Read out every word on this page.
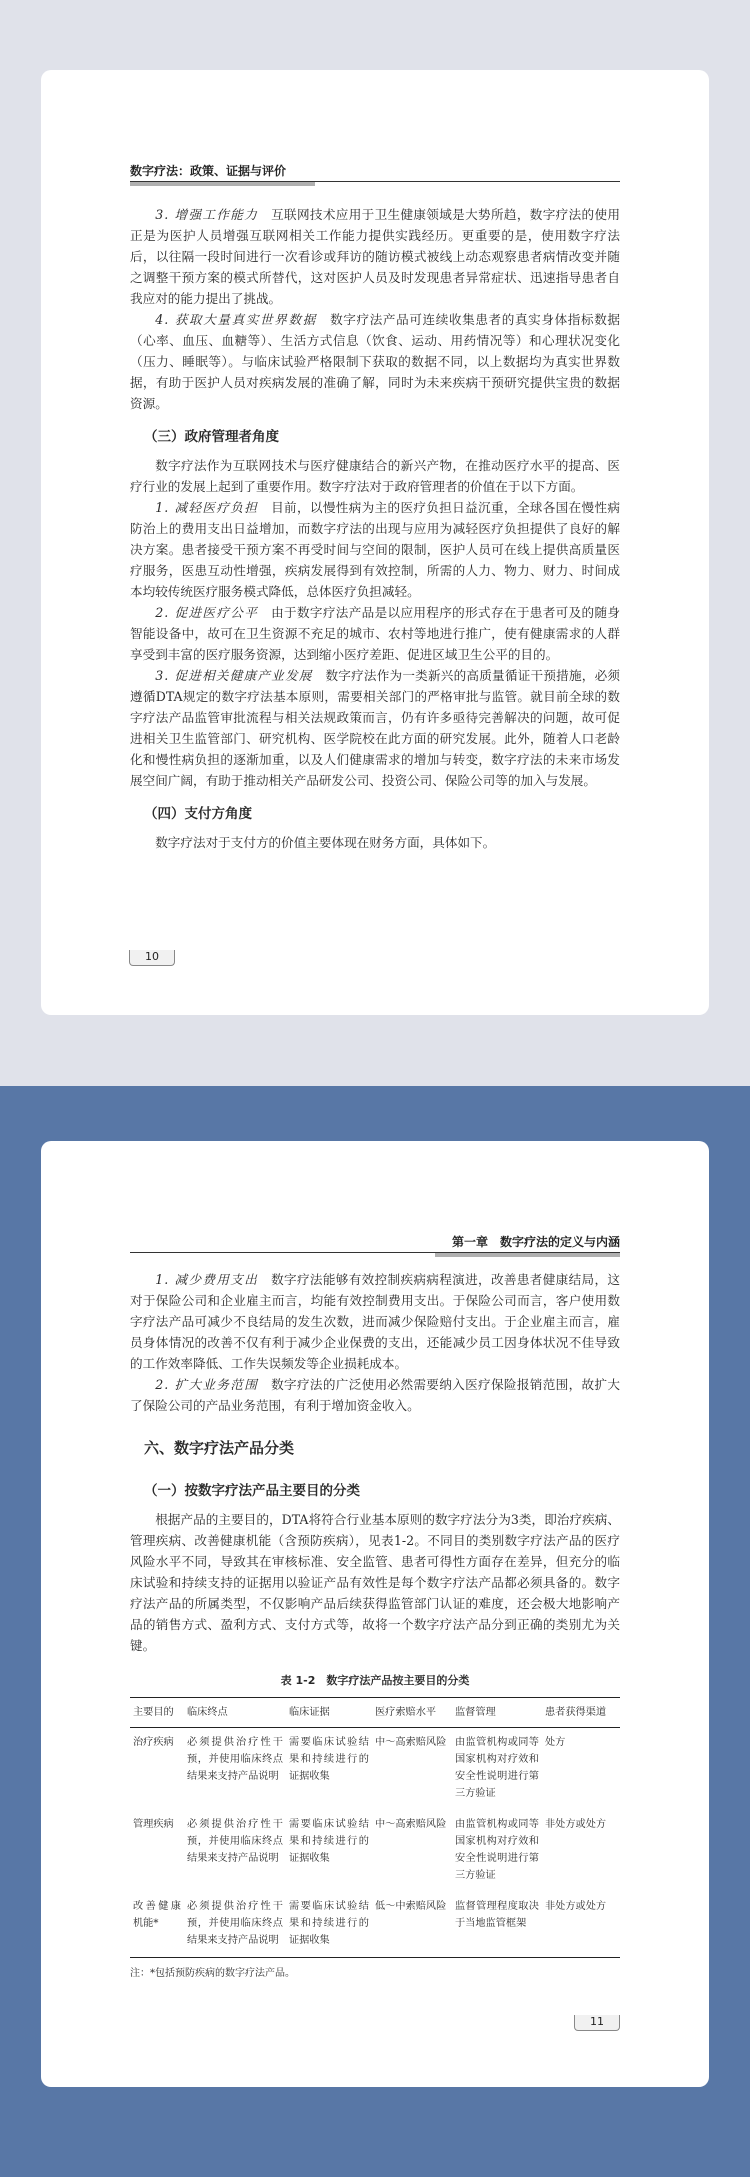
数字疗法：政策、证据与评价

3. 增强工作能力　 互联网技术应用于卫生健康领域是大势所趋，数字疗法的使用正是为医护人员增强互联网相关工作能力提供实践经历。更重要的是，使用数字疗法后，以往隔一段时间进行一次看诊或拜访的随访模式被线上动态观察患者病情改变并随之调整干预方案的模式所替代，这对医护人员及时发现患者异常症状、迅速指导患者自我应对的能力提出了挑战。

4. 获取大量真实世界数据　 数字疗法产品可连续收集患者的真实身体指标数据（心率、血压、血糖等）、生活方式信息（饮食、运动、用药情况等）和心理状况变化（压力、睡眠等）。与临床试验严格限制下获取的数据不同，以上数据均为真实世界数据，有助于医护人员对疾病发展的准确了解，同时为未来疾病干预研究提供宝贵的数据资源。

（三）政府管理者角度

数字疗法作为互联网技术与医疗健康结合的新兴产物，在推动医疗水平的提高、医疗行业的发展上起到了重要作用。数字疗法对于政府管理者的价值在于以下方面。

1. 减轻医疗负担　 目前，以慢性病为主的医疗负担日益沉重，全球各国在慢性病防治上的费用支出日益增加，而数字疗法的出现与应用为减轻医疗负担提供了良好的解决方案。患者接受干预方案不再受时间与空间的限制，医护人员可在线上提供高质量医疗服务，医患互动性增强，疾病发展得到有效控制，所需的人力、物力、财力、时间成本均较传统医疗服务模式降低，总体医疗负担减轻。

2. 促进医疗公平　 由于数字疗法产品是以应用程序的形式存在于患者可及的随身智能设备中，故可在卫生资源不充足的城市、农村等地进行推广，使有健康需求的人群享受到丰富的医疗服务资源，达到缩小医疗差距、促进区域卫生公平的目的。

3. 促进相关健康产业发展　 数字疗法作为一类新兴的高质量循证干预措施，必须遵循DTA规定的数字疗法基本原则，需要相关部门的严格审批与监管。就目前全球的数字疗法产品监管审批流程与相关法规政策而言，仍有许多亟待完善解决的问题，故可促进相关卫生监管部门、研究机构、医学院校在此方面的研究发展。此外，随着人口老龄化和慢性病负担的逐渐加重，以及人们健康需求的增加与转变，数字疗法的未来市场发展空间广阔，有助于推动相关产品研发公司、投资公司、保险公司等的加入与发展。

（四）支付方角度

数字疗法对于支付方的价值主要体现在财务方面，具体如下。

10
第一章　数字疗法的定义与内涵

1. 减少费用支出　 数字疗法能够有效控制疾病病程演进，改善患者健康结局，这对于保险公司和企业雇主而言，均能有效控制费用支出。于保险公司而言，客户使用数字疗法产品可减少不良结局的发生次数，进而减少保险赔付支出。于企业雇主而言，雇员身体情况的改善不仅有利于减少企业保费的支出，还能减少员工因身体状况不佳导致的工作效率降低、工作失误频发等企业损耗成本。

2. 扩大业务范围　 数字疗法的广泛使用必然需要纳入医疗保险报销范围，故扩大了保险公司的产品业务范围，有利于增加资金收入。

六、数字疗法产品分类

（一）按数字疗法产品主要目的分类

根据产品的主要目的，DTA将符合行业基本原则的数字疗法分为3类，即治疗疾病、管理疾病、改善健康机能（含预防疾病），见表1-2。不同目的类别数字疗法产品的医疗风险水平不同，导致其在审核标准、安全监管、患者可得性方面存在差异，但充分的临床试验和持续支持的证据用以验证产品有效性是每个数字疗法产品都必须具备的。数字疗法产品的所属类型，不仅影响产品后续获得监管部门认证的难度，还会极大地影响产品的销售方式、盈利方式、支付方式等，故将一个数字疗法产品分到正确的类别尤为关键。

表 1-2　数字疗法产品按主要目的分类
主要目的	临床终点	临床证据	医疗索赔水平	监督管理	患者获得渠道
治疗疾病	必须提供治疗性干预，并使用临床终点结果来支持产品说明	需要临床试验结果和持续进行的证据收集	中～高索赔风险	由监管机构或同等国家机构对疗效和安全性说明进行第三方验证	处方
管理疾病	必须提供治疗性干预，并使用临床终点结果来支持产品说明	需要临床试验结果和持续进行的证据收集	中～高索赔风险	由监管机构或同等国家机构对疗效和安全性说明进行第三方验证	非处方或处方
改善健康机能*	必须提供治疗性干预，并使用临床终点结果来支持产品说明	需要临床试验结果和持续进行的证据收集	低～中索赔风险	监督管理程度取决于当地监管框架	非处方或处方

注：*包括预防疾病的数字疗法产品。

11
